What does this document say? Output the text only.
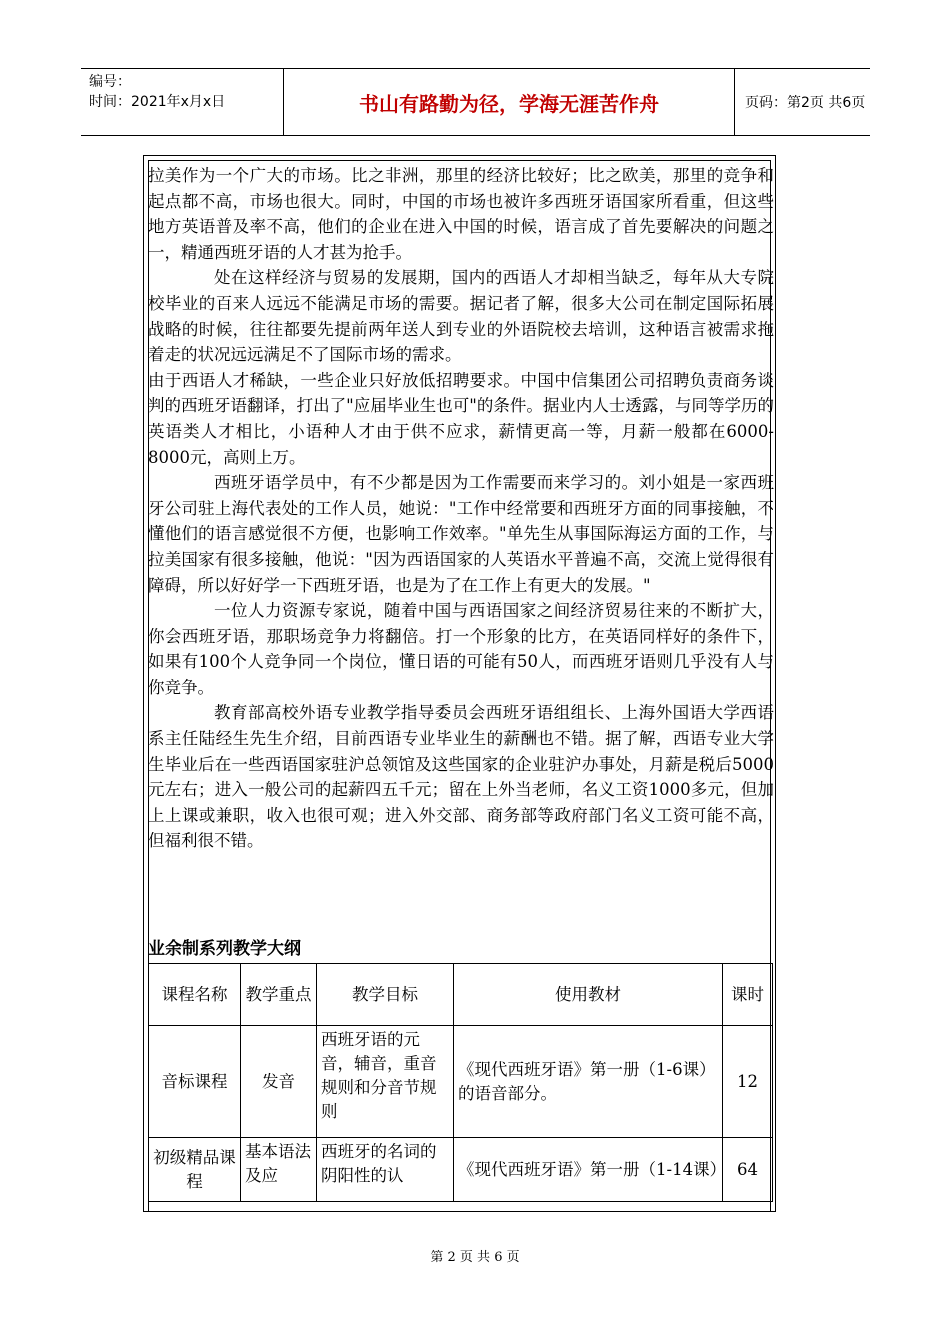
编号：
时间：2021年x月x日	书山有路勤为径，学海无涯苦作舟	页码：第2页 共6页

拉美作为一个广大的市场。比之非洲，那里的经济比较好；比之欧美，那里的竞争和起点都不高，市场也很大。同时，中国的市场也被许多西班牙语国家所看重，但这些地方英语普及率不高，他们的企业在进入中国的时候，语言成了首先要解决的问题之一，精通西班牙语的人才甚为抢手。

处在这样经济与贸易的发展期，国内的西语人才却相当缺乏，每年从大专院校毕业的百来人远远不能满足市场的需要。据记者了解，很多大公司在制定国际拓展战略的时候，往往都要先提前两年送人到专业的外语院校去培训，这种语言被需求拖着走的状况远远满足不了国际市场的需求。

由于西语人才稀缺，一些企业只好放低招聘要求。中国中信集团公司招聘负责商务谈判的西班牙语翻译，打出了"应届毕业生也可"的条件。据业内人士透露，与同等学历的英语类人才相比，小语种人才由于供不应求，薪情更高一等，月薪一般都在6000-8000元，高则上万。

西班牙语学员中，有不少都是因为工作需要而来学习的。刘小姐是一家西班牙公司驻上海代表处的工作人员，她说："工作中经常要和西班牙方面的同事接触，不懂他们的语言感觉很不方便，也影响工作效率。"单先生从事国际海运方面的工作，与拉美国家有很多接触，他说："因为西语国家的人英语水平普遍不高，交流上觉得很有障碍，所以好好学一下西班牙语，也是为了在工作上有更大的发展。"

一位人力资源专家说，随着中国与西语国家之间经济贸易往来的不断扩大，你会西班牙语，那职场竞争力将翻倍。打一个形象的比方，在英语同样好的条件下，如果有100个人竞争同一个岗位，懂日语的可能有50人，而西班牙语则几乎没有人与你竞争。

教育部高校外语专业教学指导委员会西班牙语组组长、上海外国语大学西语系主任陆经生先生介绍，目前西语专业毕业生的薪酬也不错。据了解，西语专业大学生毕业后在一些西语国家驻沪总领馆及这些国家的企业驻沪办事处，月薪是税后5000元左右；进入一般公司的起薪四五千元；留在上外当老师，名义工资1000多元，但加上上课或兼职，收入也很可观；进入外交部、商务部等政府部门名义工资可能不高，但福利很不错。

业余制系列教学大纲
课程名称	教学重点	教学目标	使用教材	课时
音标课程	发音	西班牙语的元音，辅音，重音规则和分音节规则	《现代西班牙语》第一册（1-6课）的语音部分。	12
初级精品课程	基本语法及应	西班牙的名词的阴阳性的认	《现代西班牙语》第一册（1-14课）	64
第 2 页 共 6 页
